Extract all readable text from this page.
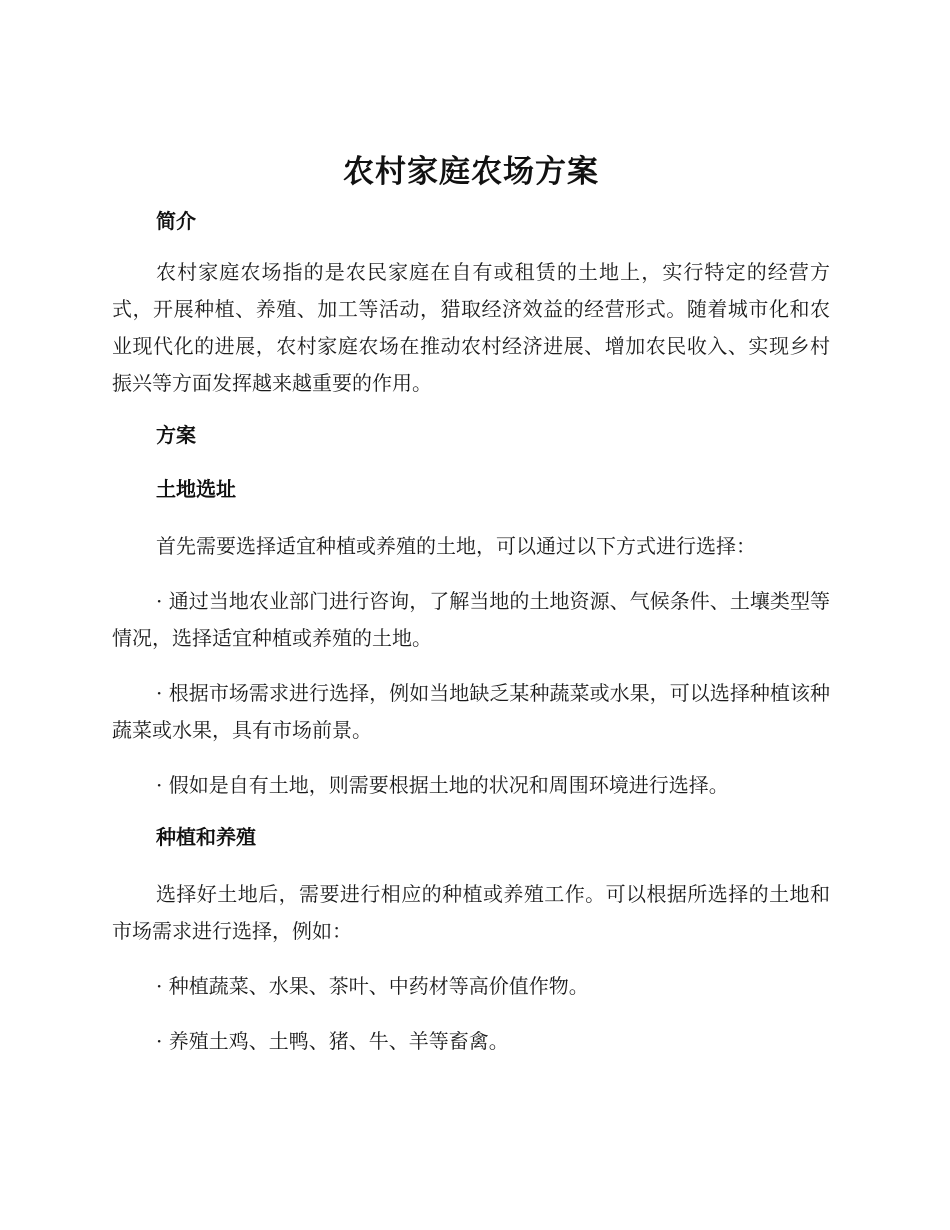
农村家庭农场方案
简介

农村家庭农场指的是农民家庭在自有或租赁的土地上，实行特定的经营方式，开展种植、养殖、加工等活动，猎取经济效益的经营形式。随着城市化和农业现代化的进展，农村家庭农场在推动农村经济进展、增加农民收入、实现乡村振兴等方面发挥越来越重要的作用。

方案
土地选址

首先需要选择适宜种植或养殖的土地，可以通过以下方式进行选择：

· 通过当地农业部门进行咨询，了解当地的土地资源、气候条件、土壤类型等情况，选择适宜种植或养殖的土地。

· 根据市场需求进行选择，例如当地缺乏某种蔬菜或水果，可以选择种植该种蔬菜或水果，具有市场前景。

· 假如是自有土地，则需要根据土地的状况和周围环境进行选择。

种植和养殖

选择好土地后，需要进行相应的种植或养殖工作。可以根据所选择的土地和市场需求进行选择，例如：

· 种植蔬菜、水果、茶叶、中药材等高价值作物。

· 养殖土鸡、土鸭、猪、牛、羊等畜禽。
